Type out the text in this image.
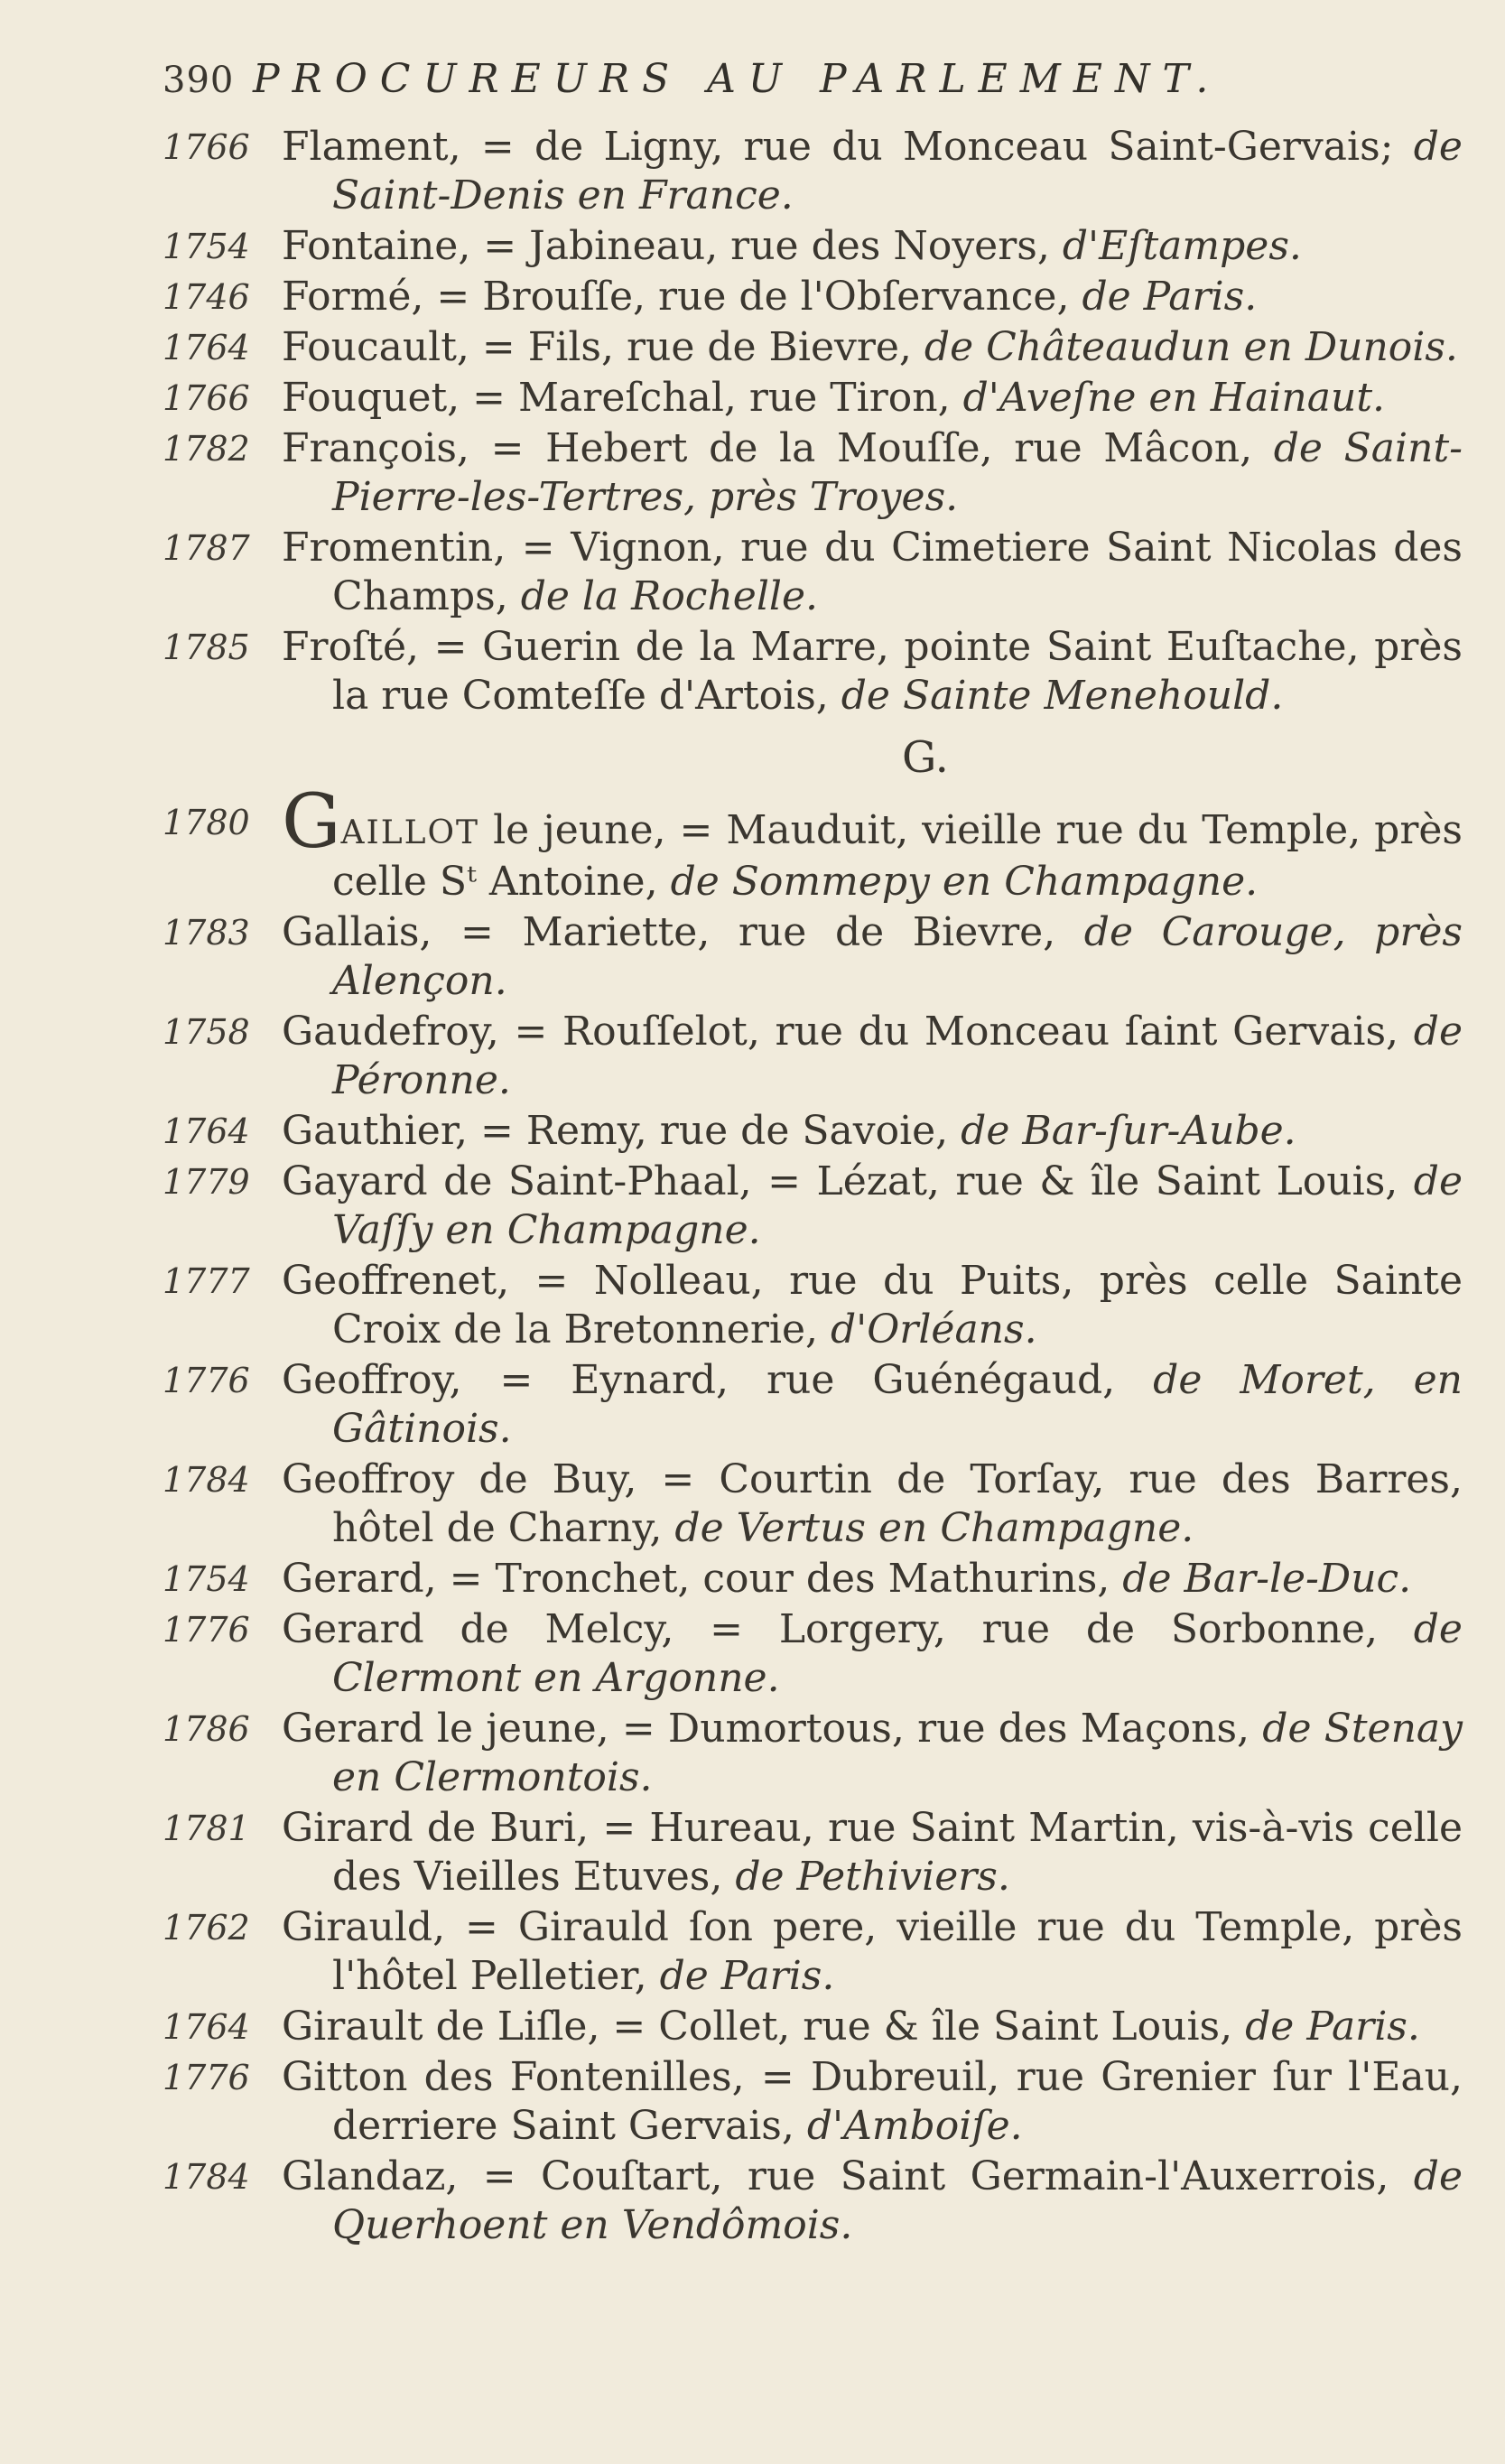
390 PROCUREURS AU PARLEMENT.
1766 Flament, = de Ligny, rue du Monceau Saint-Gervais; de Saint-Denis en France.
1754 Fontaine, = Jabineau, rue des Noyers, d'Eſtampes.
1746 Formé, = Brouſſe, rue de l'Obſervance, de Paris.
1764 Foucault, = Fils, rue de Bievre, de Châteaudun en Dunois.
1766 Fouquet, = Mareſchal, rue Tiron, d'Aveſne en Hainaut.
1782 François, = Hebert de la Mouſſe, rue Mâcon, de Saint-Pierre-les-Tertres, près Troyes.
1787 Fromentin, = Vignon, rue du Cimetiere Saint Nicolas des Champs, de la Rochelle.
1785 Froſté, = Guerin de la Marre, pointe Saint Euſtache, près la rue Comteſſe d'Artois, de Sainte Menehould.
G.
1780 GAILLOT le jeune, = Mauduit, vieille rue du Temple, près celle Sᵗ Antoine, de Sommepy en Champagne.
1783 Gallais, = Mariette, rue de Bievre, de Carouge, près Alençon.
1758 Gaudefroy, = Rouſſelot, rue du Monceau ſaint Gervais, de Péronne.
1764 Gauthier, = Remy, rue de Savoie, de Bar-ſur-Aube.
1779 Gayard de Saint-Phaal, = Lézat, rue & île Saint Louis, de Vaſſy en Champagne.
1777 Geoffrenet, = Nolleau, rue du Puits, près celle Sainte Croix de la Bretonnerie, d'Orléans.
1776 Geoffroy, = Eynard, rue Guénégaud, de Moret, en Gâtinois.
1784 Geoffroy de Buy, = Courtin de Torſay, rue des Barres, hôtel de Charny, de Vertus en Champagne.
1754 Gerard, = Tronchet, cour des Mathurins, de Bar-le-Duc.
1776 Gerard de Melcy, = Lorgery, rue de Sorbonne, de Clermont en Argonne.
1786 Gerard le jeune, = Dumortous, rue des Maçons, de Stenay en Clermontois.
1781 Girard de Buri, = Hureau, rue Saint Martin, vis-à-vis celle des Vieilles Etuves, de Pethiviers.
1762 Girauld, = Girauld ſon pere, vieille rue du Temple, près l'hôtel Pelletier, de Paris.
1764 Girault de Liſle, = Collet, rue & île Saint Louis, de Paris.
1776 Gitton des Fontenilles, = Dubreuil, rue Grenier ſur l'Eau, derriere Saint Gervais, d'Amboiſe.
1784 Glandaz, = Couſtart, rue Saint Germain-l'Auxerrois, de Querhoent en Vendômois.
